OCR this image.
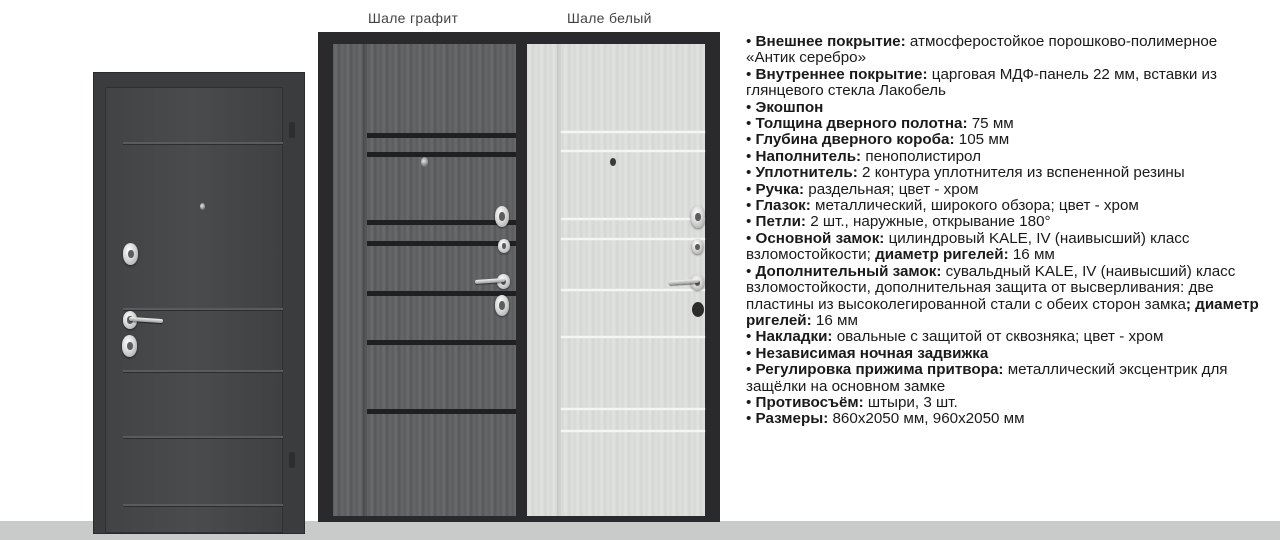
Шале графит	Шале белый
• Внешнее покрытие: атмосферостойкое порошково-полимерное «Антик серебро»
• Внутреннее покрытие: царговая МДФ-панель 22 мм, вставки из глянцевого стекла Лакобель
• Экошпон
• Толщина дверного полотна: 75 мм
• Глубина дверного короба: 105 мм
• Наполнитель: пенополистирол
• Уплотнитель: 2 контура уплотнителя из вспененной резины
• Ручка: раздельная; цвет - хром
• Глазок: металлический, широкого обзора; цвет - хром
• Петли: 2 шт., наружные, открывание 180°
• Основной замок: цилиндровый KALE, IV (наивысший) класс взломостойкости; диаметр ригелей: 16 мм
• Дополнительный замок: сувальдный KALE, IV (наивысший) класс взломостойкости, дополнительная защита от высверливания: две пластины из высоколегированной стали с обеих сторон замка; диаметр ригелей: 16 мм
• Накладки: овальные с защитой от сквозняка; цвет - хром
• Независимая ночная задвижка
• Регулировка прижима притвора: металлический эксцентрик для защёлки на основном замке
• Противосъём: штыри, 3 шт.
• Размеры: 860х2050 мм, 960х2050 мм
